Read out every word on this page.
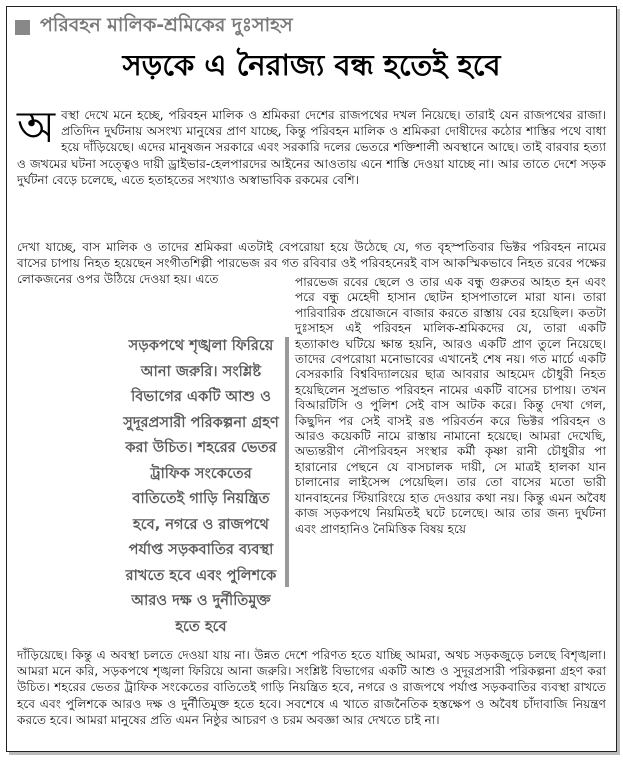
পরিবহন মালিক-শ্রমিকের দুঃসাহস
সড়কে এ নৈরাজ্য বন্ধ হতেই হবে
অবস্থা দেখে মনে হচ্ছে, পরিবহন মালিক ও শ্রমিকরা দেশের রাজপথের দখল নিয়েছে। তারাই যেন রাজপথের রাজা। প্রতিদিন দুর্ঘটনায় অসংখ্য মানুষের প্রাণ যাচ্ছে, কিন্তু পরিবহন মালিক ও শ্রমিকরা দোষীদের কঠোর শাস্তির পথে বাধা হয়ে দাঁড়িয়েছে। এদের মানুষজন সরকারে এবং সরকারি দলের ভেতরে শক্তিশালী অবস্থানে আছে। তাই বারবার হত্যা ও জখমের ঘটনা সত্ত্বেও দায়ী ড্রাইভার-হেলপারদের আইনের আওতায় এনে শাস্তি দেওয়া যাচ্ছে না। আর তাতে দেশে সড়ক দুর্ঘটনা বেড়ে চলেছে, এতে হতাহতের সংখ্যাও অস্বাভাবিক রকমের বেশি।
দেখা যাচ্ছে, বাস মালিক ও তাদের শ্রমিকরা এতটাই বেপরোয়া হয়ে উঠেছে যে, গত বৃহস্পতিবার ভিক্টর পরিবহন নামের বাসের চাপায় নিহত হয়েছেন সংগীতশিল্পী পারভেজ রব গত রবিবার ওই পরিবহনেরই বাস আকস্মিকভাবে নিহত রবের পক্ষের লোকজনের ওপর উঠিয়ে দেওয়া হয়। এতে
সড়কপথে শৃঙ্খলা ফিরিয়ে আনা জরুরি। সংশ্লিষ্ট বিভাগের একটি আশু ও সুদূরপ্রসারী পরিকল্পনা গ্রহণ করা উচিত। শহরের ভেতর ট্রাফিক সংকেতের বাতিতেই গাড়ি নিয়ন্ত্রিত হবে, নগরে ও রাজপথে পর্যাপ্ত সড়কবাতির ব্যবস্থা রাখতে হবে এবং পুলিশকে আরও দক্ষ ও দুর্নীতিমুক্ত হতে হবে
পারভেজ রবের ছেলে ও তার এক বন্ধু গুরুতর আহত হন এবং পরে বন্ধু মেহেদী হাসান ছোটন হাসপাতালে মারা যান। তারা পারিবারিক প্রয়োজনে বাজার করতে রাস্তায় বের হয়েছিল। কতটা দুঃসাহস এই পরিবহন মালিক-শ্রমিকদের যে, তারা একটি হত্যাকাণ্ড ঘটিয়ে ক্ষান্ত হয়নি, আরও একটি প্রাণ তুলে নিয়েছে। তাদের বেপরোয়া মনোভাবের এখানেই শেষ নয়। গত মার্চে একটি বেসরকারি বিশ্ববিদ্যালয়ের ছাত্র আবরার আহমেদ চৌধুরী নিহত হয়েছিলেন সুপ্রভাত পরিবহন নামের একটি বাসের চাপায়। তখন বিআরটিসি ও পুলিশ সেই বাস আটক করে। কিন্তু দেখা গেল, কিছুদিন পর সেই বাসই রঙ পরিবর্তন করে ভিক্টর পরিবহন ও আরও কয়েকটি নামে রাস্তায় নামানো হয়েছে। আমরা দেখেছি, অভ্যন্তরীণ নৌপরিবহন সংস্থার কর্মী কৃষ্ণা রানী চৌধুরীর পা হারানোর পেছনে যে বাসচালক দায়ী, সে মাত্রই হালকা যান চালানোর লাইসেন্স পেয়েছিল। তার তো বাসের মতো ভারী যানবাহনের স্টিয়ারিংয়ে হাত দেওয়ার কথা নয়। কিন্তু এমন অবৈধ কাজ সড়কপথে নিয়মিতই ঘটে চলেছে। আর তার জন্য দুর্ঘটনা এবং প্রাণহানিও নৈমিত্তিক বিষয় হয়ে
দাঁড়িয়েছে। কিন্তু এ অবস্থা চলতে দেওয়া যায় না। উন্নত দেশে পরিণত হতে যাচ্ছি আমরা, অথচ সড়কজুড়ে চলছে বিশৃঙ্খলা। আমরা মনে করি, সড়কপথে শৃঙ্খলা ফিরিয়ে আনা জরুরি। সংশ্লিষ্ট বিভাগের একটি আশু ও সুদূরপ্রসারী পরিকল্পনা গ্রহণ করা উচিত। শহরের ভেতর ট্রাফিক সংকেতের বাতিতেই গাড়ি নিয়ন্ত্রিত হবে, নগরে ও রাজপথে পর্যাপ্ত সড়কবাতির ব্যবস্থা রাখতে হবে এবং পুলিশকে আরও দক্ষ ও দুর্নীতিমুক্ত হতে হবে। সবশেষে এ খাতে রাজনৈতিক হস্তক্ষেপ ও অবৈধ চাঁদাবাজি নিয়ন্ত্রণ করতে হবে। আমরা মানুষের প্রতি এমন নিষ্ঠুর আচরণ ও চরম অবজ্ঞা আর দেখতে চাই না।
